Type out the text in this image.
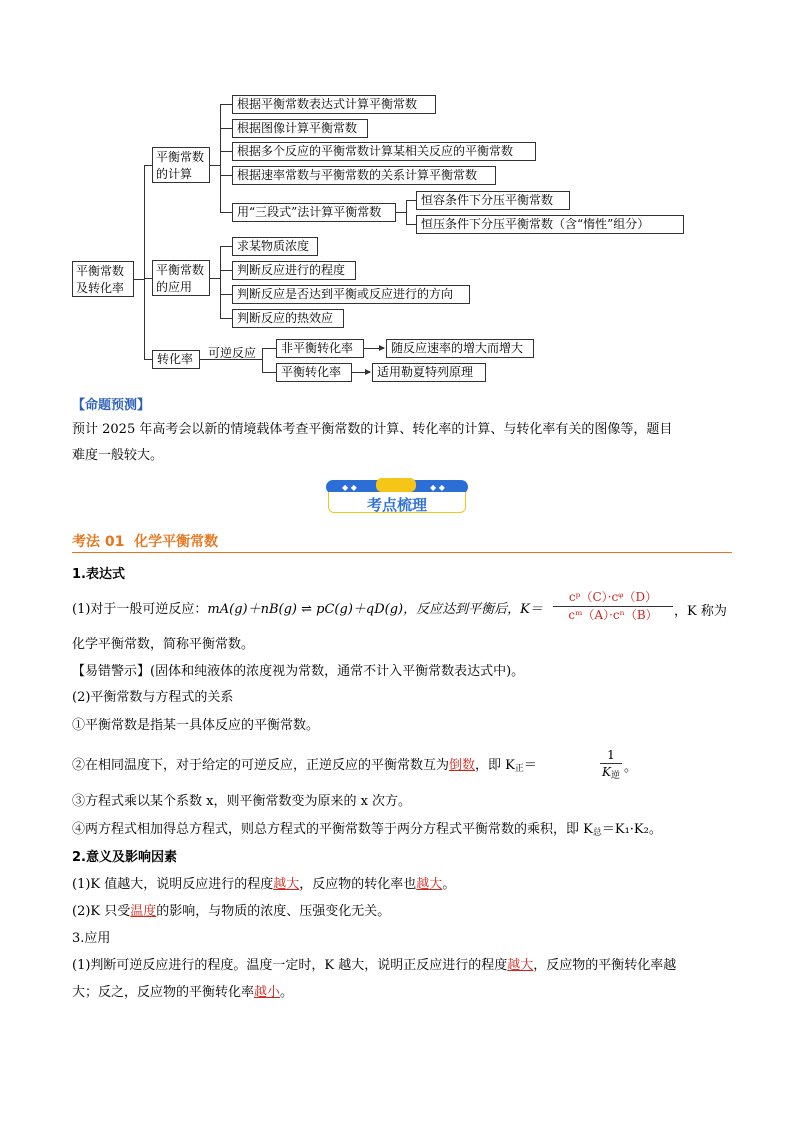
平衡常数
及转化率
平衡常数
的计算
根据平衡常数表达式计算平衡常数
根据图像计算平衡常数
根据多个反应的平衡常数计算某相关反应的平衡常数
根据速率常数与平衡常数的关系计算平衡常数
用“三段式”法计算平衡常数
恒容条件下分压平衡常数
恒压条件下分压平衡常数（含“惰性”组分）
平衡常数
的应用
求某物质浓度
判断反应进行的程度
判断反应是否达到平衡或反应进行的方向
判断反应的热效应
转化率	可逆反应	非平衡转化率
平衡转化率
随反应速率的增大而增大
适用勒夏特列原理
【命题预测】
预计 2025 年高考会以新的情境载体考查平衡常数的计算、转化率的计算、与转化率有关的图像等，题目
难度一般较大。
◆ ◆	◆ ◆
考点梳理
考法 01  化学平衡常数
1.表达式
(1)对于一般可逆反应：mA(g)＋nB(g) ⇌ pC(g)＋qD(g)，反应达到平衡后，$K= \frac{\text{cᵖ（C）·cᵠ（D）}}{\text{cᵐ（A）·cⁿ（B）}}$ ，K 称为
化学平衡常数，简称平衡常数。
【易错警示】(固体和纯液体的浓度视为常数，通常不计入平衡常数表达式中)。
(2)平衡常数与方程式的关系
①平衡常数是指某一具体反应的平衡常数。
②在相同温度下，对于给定的可逆反应，正逆反应的平衡常数互为倒数，即 $K_正=$
1
$K_逆$
。
③方程式乘以某个系数 x，则平衡常数变为原来的 x 次方。
④两方程式相加得总方程式，则总方程式的平衡常数等于两分方程式平衡常数的乘积，即 $K_总=K_1\cdot K_2$。
2.意义及影响因素
(1)K 值越大，说明反应进行的程度越大，反应物的转化率也越大。
(2)K 只受温度的影响，与物质的浓度、压强变化无关。
3.应用
(1)判断可逆反应进行的程度。温度一定时，K 越大，说明正反应进行的程度越大，反应物的平衡转化率越
大；反之，反应物的平衡转化率越小。
